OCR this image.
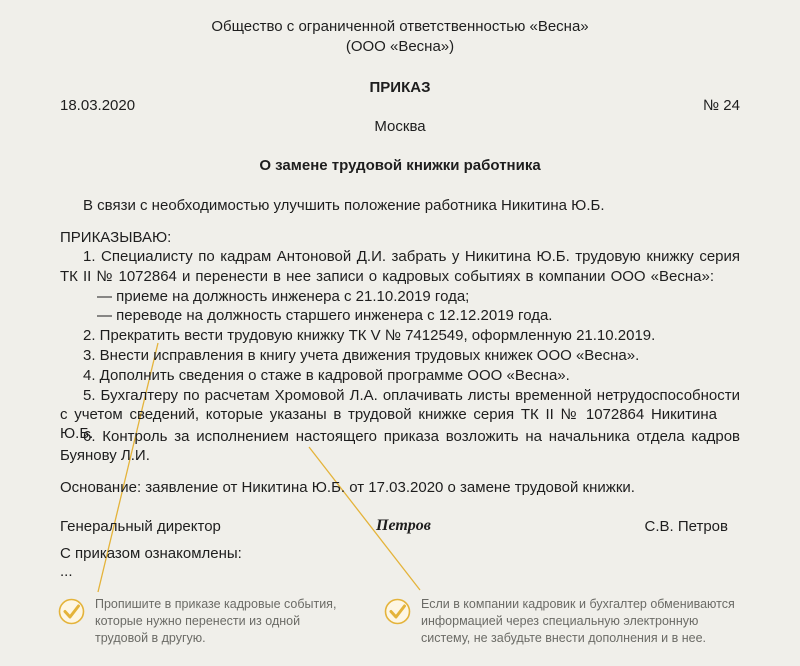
Общество с ограниченной ответственностью «Весна»
(ООО «Весна»)
ПРИКАЗ
18.03.2020	№ 24
Москва
О замене трудовой книжки работника
В связи с необходимостью улучшить положение работника Никитина Ю.Б.
ПРИКАЗЫВАЮ:
1. Специалисту по кадрам Антоновой Д.И. забрать у Никитина Ю.Б. трудовую книжку серия
ТК II № 1072864 и перенести в нее записи о кадровых событиях в компании ООО «Весна»:
— приеме на должность инженера с 21.10.2019 года;
— переводе на должность старшего инженера с 12.12.2019 года.
2. Прекратить вести трудовую книжку ТК V № 7412549, оформленную 21.10.2019.
3. Внести исправления в книгу учета движения трудовых книжек ООО «Весна».
4. Дополнить сведения о стаже в кадровой программе ООО «Весна».
5. Бухгалтеру по расчетам Хромовой Л.А. оплачивать листы временной нетрудоспособности
с учетом сведений, которые указаны в трудовой книжке серия ТК II № 1072864 Никитина Ю.Б.
6. Контроль за исполнением настоящего приказа возложить на начальника отдела кадров
Буянову Л.И.
Основание: заявление от Никитина Ю.Б. от 17.03.2020 о замене трудовой книжки.
Генеральный директор	Петров	С.В. Петров
С приказом ознакомлены:
...
Пропишите в приказе кадровые события,
которые нужно перенести из одной
трудовой в другую.
Если в компании кадровик и бухгалтер обмениваются
информацией через специальную электронную
систему, не забудьте внести дополнения и в нее.
